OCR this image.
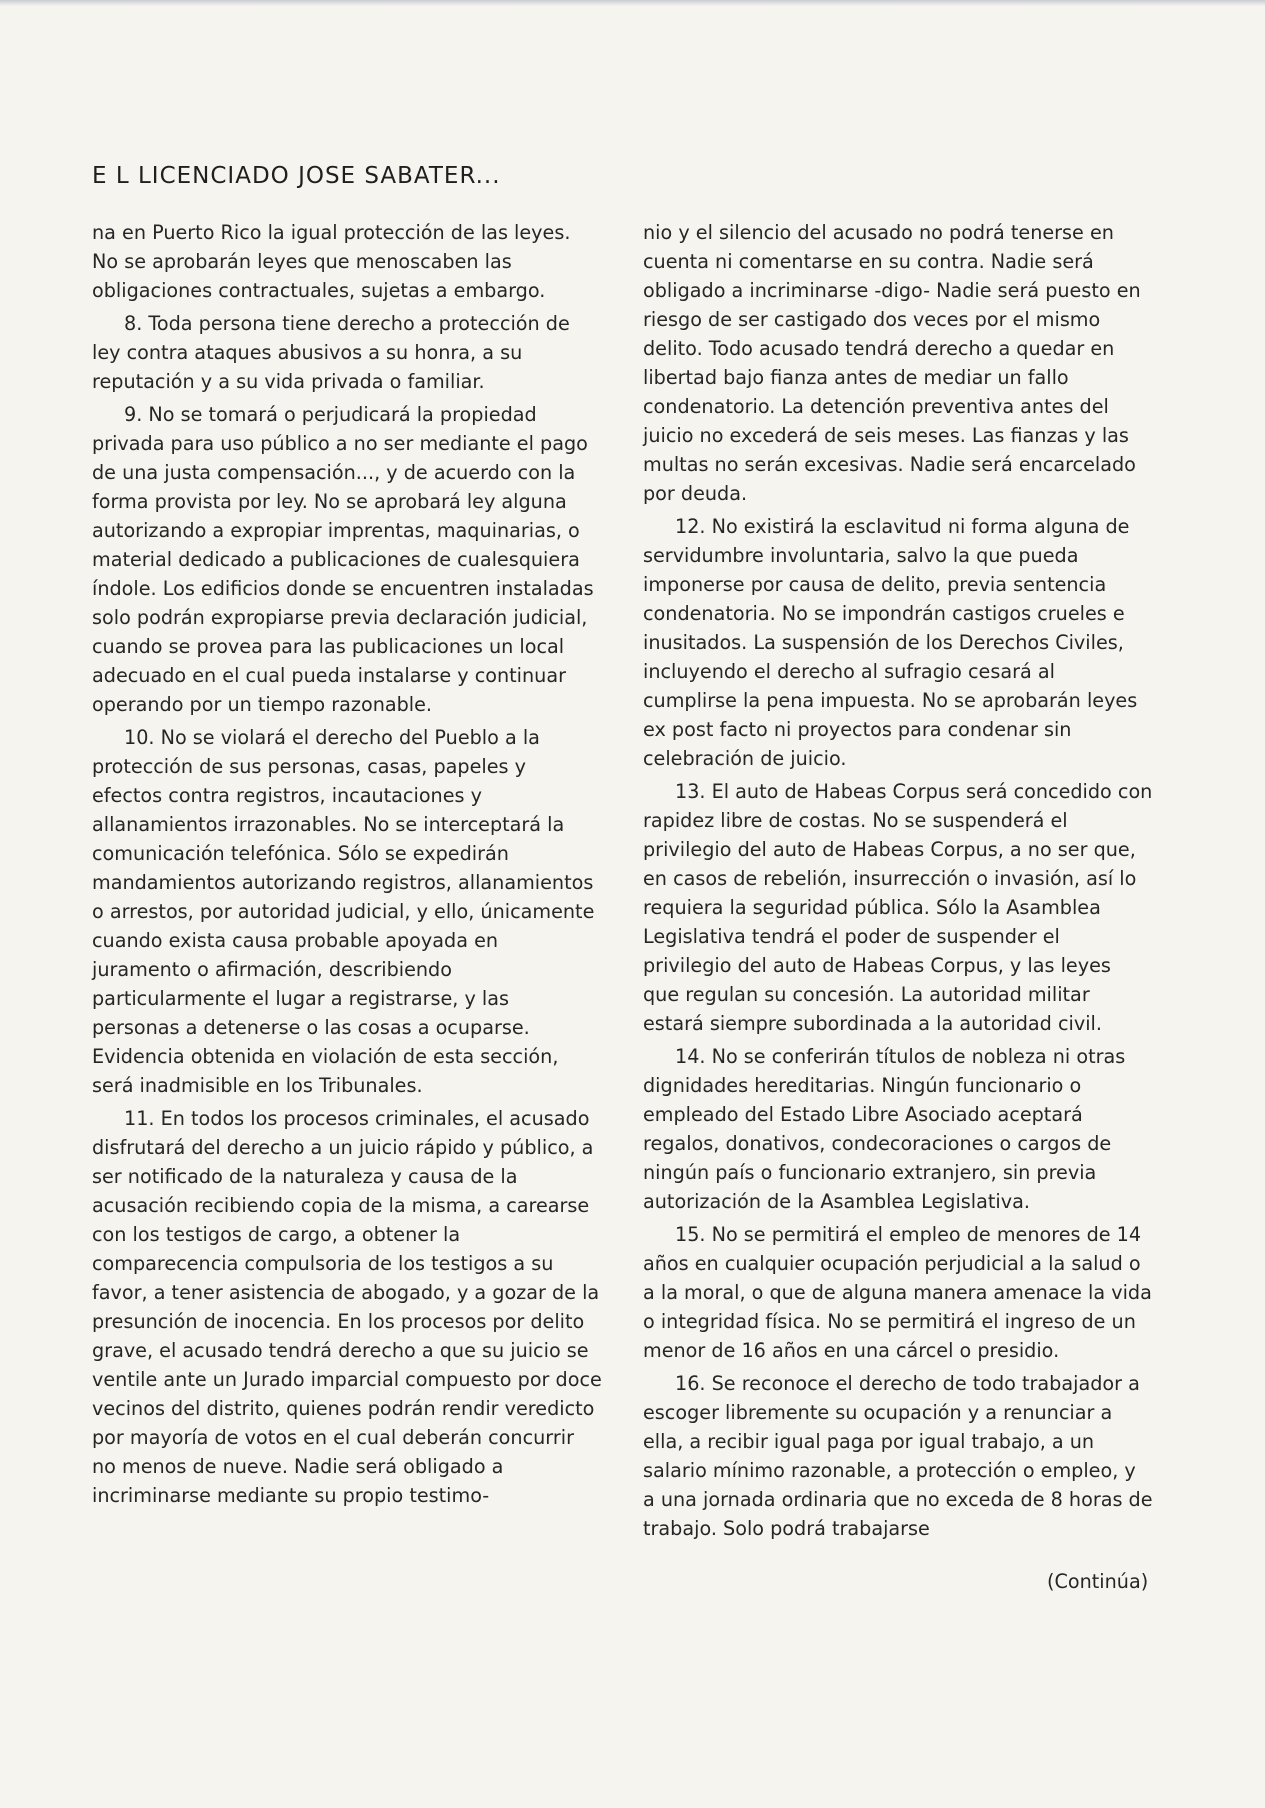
E L LICENCIADO JOSE SABATER...

na en Puerto Rico la igual protección de las leyes. No se aprobarán leyes que menoscaben las obligaciones contractuales, sujetas a embargo.

8. Toda persona tiene derecho a protección de ley contra ataques abusivos a su honra, a su reputación y a su vida privada o familiar.

9. No se tomará o perjudicará la propiedad privada para uso público a no ser mediante el pago de una justa compensación..., y de acuerdo con la forma provista por ley. No se aprobará ley alguna autorizando a expropiar imprentas, maquinarias, o material dedicado a publicaciones de cualesquiera índole. Los edificios donde se encuentren instaladas solo podrán expropiarse previa declaración judicial, cuando se provea para las publicaciones un local adecuado en el cual pueda instalarse y continuar operando por un tiempo razonable.

10. No se violará el derecho del Pueblo a la protección de sus personas, casas, papeles y efectos contra registros, incautaciones y allanamientos irrazonables. No se interceptará la comunicación telefónica. Sólo se expedirán mandamientos autorizando registros, allanamientos o arrestos, por autoridad judicial, y ello, únicamente cuando exista causa probable apoyada en juramento o afirmación, describiendo particularmente el lugar a registrarse, y las personas a detenerse o las cosas a ocuparse. Evidencia obtenida en violación de esta sección, será inadmisible en los Tribunales.

11. En todos los procesos criminales, el acusado disfrutará del derecho a un juicio rápido y público, a ser notificado de la naturaleza y causa de la acusación recibiendo copia de la misma, a carearse con los testigos de cargo, a obtener la comparecencia compulsoria de los testigos a su favor, a tener asistencia de abogado, y a gozar de la presunción de inocencia. En los procesos por delito grave, el acusado tendrá derecho a que su juicio se ventile ante un Jurado imparcial compuesto por doce vecinos del distrito, quienes podrán rendir veredicto por mayoría de votos en el cual deberán concurrir no menos de nueve. Nadie será obligado a incriminarse mediante su propio testimo-

nio y el silencio del acusado no podrá tenerse en cuenta ni comentarse en su contra. Nadie será obligado a incriminarse -digo- Nadie será puesto en riesgo de ser castigado dos veces por el mismo delito. Todo acusado tendrá derecho a quedar en libertad bajo fianza antes de mediar un fallo condenatorio. La detención preventiva antes del juicio no excederá de seis meses. Las fianzas y las multas no serán excesivas. Nadie será encarcelado por deuda.

12. No existirá la esclavitud ni forma alguna de servidumbre involuntaria, salvo la que pueda imponerse por causa de delito, previa sentencia condenatoria. No se impondrán castigos crueles e inusitados. La suspensión de los Derechos Civiles, incluyendo el derecho al sufragio cesará al cumplirse la pena impuesta. No se aprobarán leyes ex post facto ni proyectos para condenar sin celebración de juicio.

13. El auto de Habeas Corpus será concedido con rapidez libre de costas. No se suspenderá el privilegio del auto de Habeas Corpus, a no ser que, en casos de rebelión, insurrección o invasión, así lo requiera la seguridad pública. Sólo la Asamblea Legislativa tendrá el poder de suspender el privilegio del auto de Habeas Corpus, y las leyes que regulan su concesión. La autoridad militar estará siempre subordinada a la autoridad civil.

14. No se conferirán títulos de nobleza ni otras dignidades hereditarias. Ningún funcionario o empleado del Estado Libre Asociado aceptará regalos, donativos, condecoraciones o cargos de ningún país o funcionario extranjero, sin previa autorización de la Asamblea Legislativa.

15. No se permitirá el empleo de menores de 14 años en cualquier ocupación perjudicial a la salud o a la moral, o que de alguna manera amenace la vida o integridad física. No se permitirá el ingreso de un menor de 16 años en una cárcel o presidio.

16. Se reconoce el derecho de todo trabajador a escoger libremente su ocupación y a renunciar a ella, a recibir igual paga por igual trabajo, a un salario mínimo razonable, a protección o empleo, y a una jornada ordinaria que no exceda de 8 horas de trabajo. Solo podrá trabajarse

(Continúa)
